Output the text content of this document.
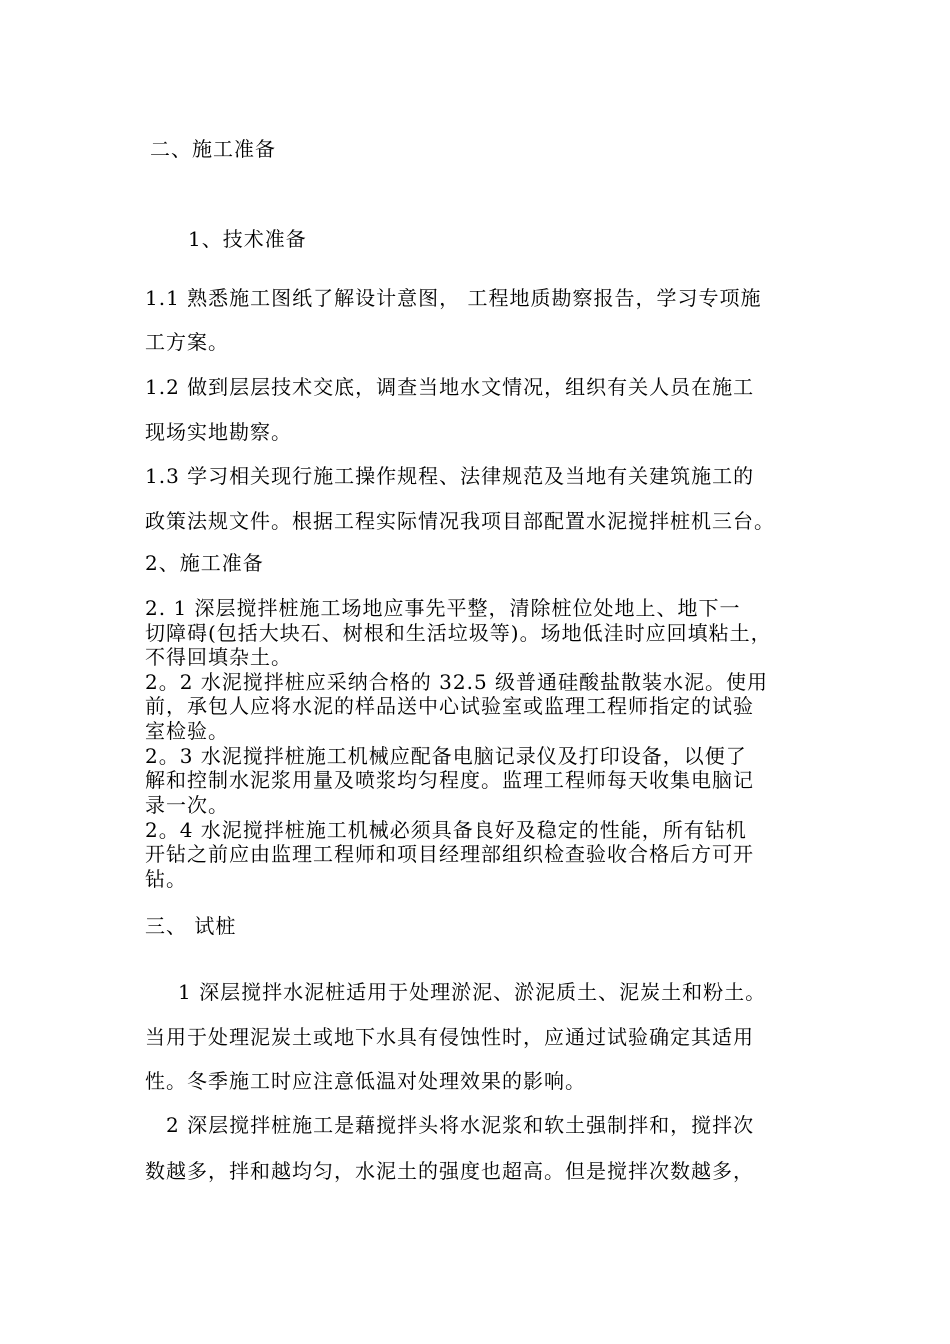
二、施工准备
1、技术准备
1.1 熟悉施工图纸了解设计意图， 工程地质勘察报告，学习专项施
工方案。
1.2 做到层层技术交底，调查当地水文情况，组织有关人员在施工
现场实地勘察。
1.3 学习相关现行施工操作规程、法律规范及当地有关建筑施工的
政策法规文件。根据工程实际情况我项目部配置水泥搅拌桩机三台。
2、施工准备
2. 1 深层搅拌桩施工场地应事先平整，清除桩位处地上、地下一
切障碍(包括大块石、树根和生活垃圾等)。场地低洼时应回填粘土，
不得回填杂土。
2。2 水泥搅拌桩应采纳合格的 32.5 级普通硅酸盐散装水泥。使用
前，承包人应将水泥的样品送中心试验室或监理工程师指定的试验
室检验。
2。3 水泥搅拌桩施工机械应配备电脑记录仪及打印设备，以便了
解和控制水泥浆用量及喷浆均匀程度。监理工程师每天收集电脑记
录一次。
2。4 水泥搅拌桩施工机械必须具备良好及稳定的性能，所有钻机
开钻之前应由监理工程师和项目经理部组织检查验收合格后方可开
钻。
三、 试桩
1 深层搅拌水泥桩适用于处理淤泥、淤泥质土、泥炭土和粉土。
当用于处理泥炭土或地下水具有侵蚀性时，应通过试验确定其适用
性。冬季施工时应注意低温对处理效果的影响。
2 深层搅拌桩施工是藉搅拌头将水泥浆和软土强制拌和，搅拌次
数越多，拌和越均匀，水泥土的强度也超高。但是搅拌次数越多，
